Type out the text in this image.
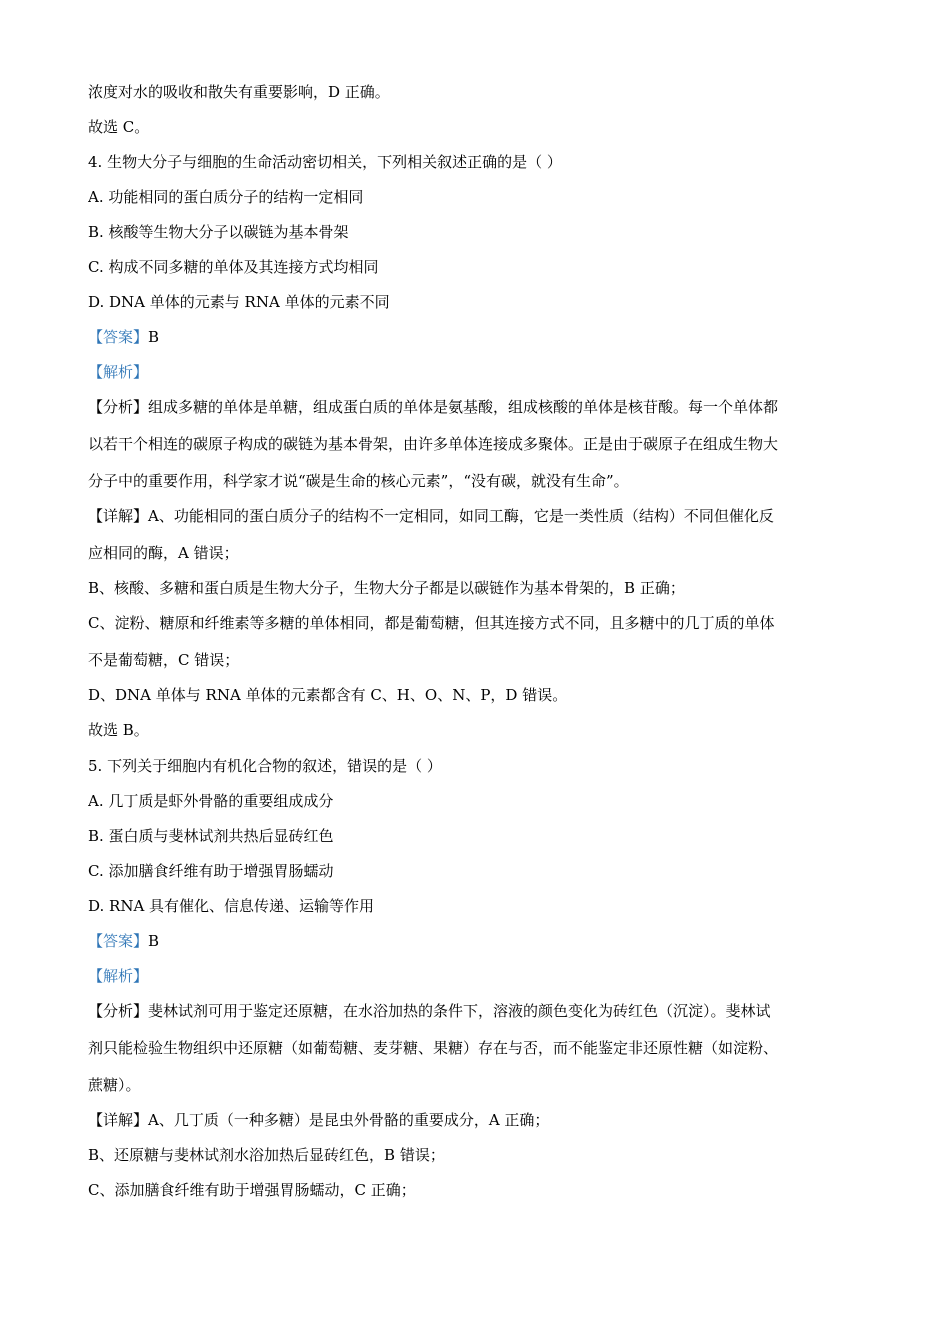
浓度对水的吸收和散失有重要影响，D 正确。
故选 C。
4. 生物大分子与细胞的生命活动密切相关，下列相关叙述正确的是（ ）
A. 功能相同的蛋白质分子的结构一定相同
B. 核酸等生物大分子以碳链为基本骨架
C. 构成不同多糖的单体及其连接方式均相同
D. DNA 单体的元素与 RNA 单体的元素不同
【答案】B
【解析】
【分析】组成多糖的单体是单糖，组成蛋白质的单体是氨基酸，组成核酸的单体是核苷酸。每一个单体都
以若干个相连的碳原子构成的碳链为基本骨架，由许多单体连接成多聚体。正是由于碳原子在组成生物大
分子中的重要作用，科学家才说“碳是生命的核心元素”，“没有碳，就没有生命”。
【详解】A、功能相同的蛋白质分子的结构不一定相同，如同工酶，它是一类性质（结构）不同但催化反
应相同的酶，A 错误；
B、核酸、多糖和蛋白质是生物大分子，生物大分子都是以碳链作为基本骨架的，B 正确；
C、淀粉、糖原和纤维素等多糖的单体相同，都是葡萄糖，但其连接方式不同，且多糖中的几丁质的单体
不是葡萄糖，C 错误；
D、DNA 单体与 RNA 单体的元素都含有 C、H、O、N、P，D 错误。
故选 B。
5. 下列关于细胞内有机化合物的叙述，错误的是（ ）
A. 几丁质是虾外骨骼的重要组成成分
B. 蛋白质与斐林试剂共热后显砖红色
C. 添加膳食纤维有助于增强胃肠蠕动
D. RNA 具有催化、信息传递、运输等作用
【答案】B
【解析】
【分析】斐林试剂可用于鉴定还原糖，在水浴加热的条件下，溶液的颜色变化为砖红色（沉淀）。斐林试
剂只能检验生物组织中还原糖（如葡萄糖、麦芽糖、果糖）存在与否，而不能鉴定非还原性糖（如淀粉、
蔗糖）。
【详解】A、几丁质（一种多糖）是昆虫外骨骼的重要成分，A 正确；
B、还原糖与斐林试剂水浴加热后显砖红色，B 错误；
C、添加膳食纤维有助于增强胃肠蠕动，C 正确；
